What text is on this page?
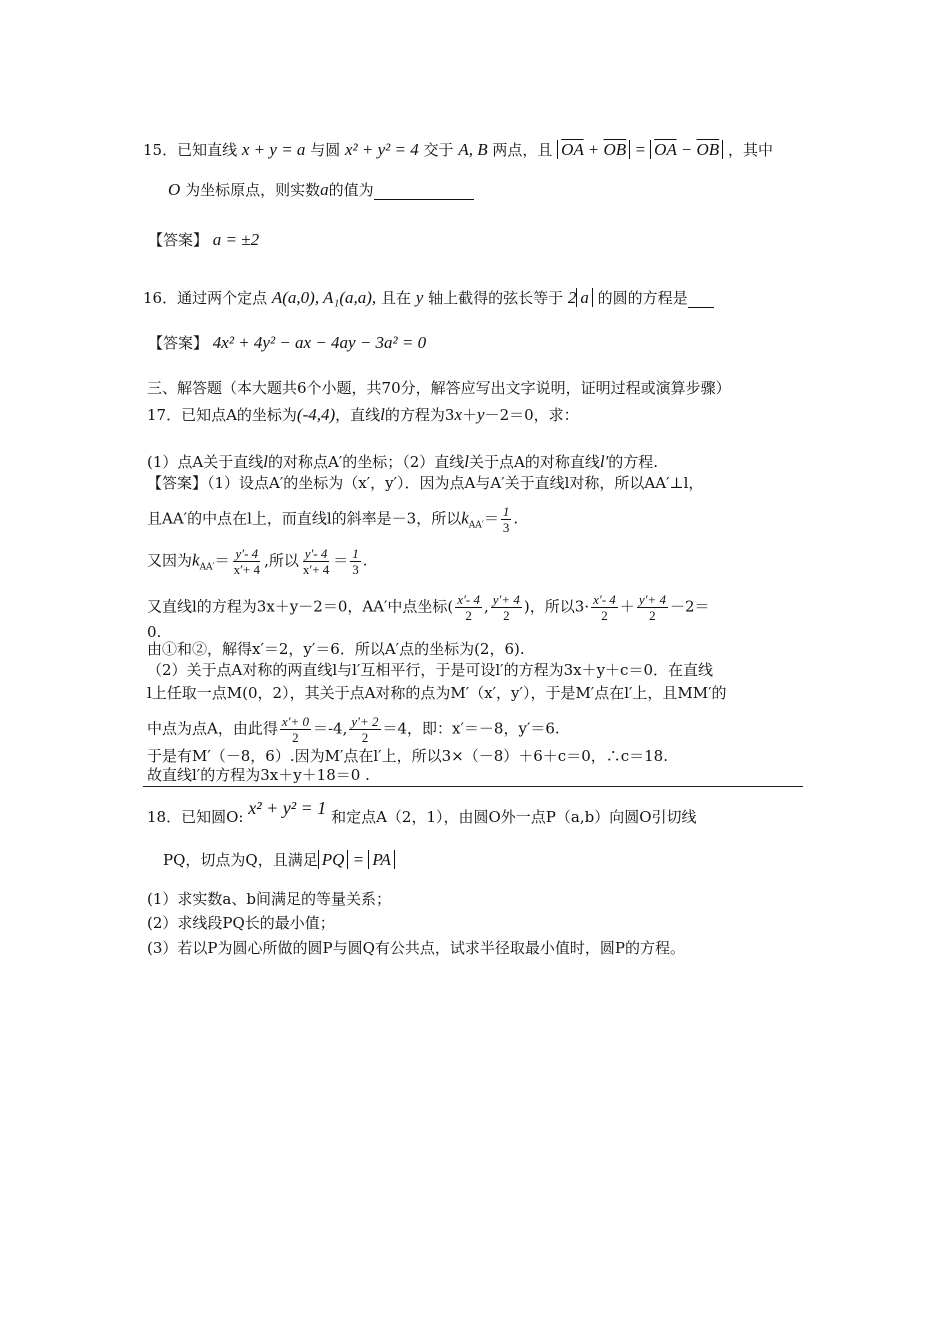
15．已知直线 x + y = a 与圆 x² + y² = 4 交于 A, B 两点，且 $\overline{OA} + \overline{OB} = \overline{OA} - \overline{OB}$ ，其中
O 为坐标原点，则实数a的值为
【答案】 a = ±2
16．通过两个定点 A(a,0), A₁(a,a), 且在 y 轴上截得的弦长等于 2 a 的圆的方程是
【答案】 4x² + 4y² − ax − 4ay − 3a² = 0
三、解答题（本大题共6个小题，共70分，解答应写出文字说明，证明过程或演算步骤）
17．已知点A的坐标为(-4,4)，直线l的方程为3x＋y－2＝0，求：
(1）点A关于直线l的对称点A′的坐标；（2）直线l关于点A的对称直线l′的方程.
【答案】（1）设点A′的坐标为（x′，y′）．因为点A与A′关于直线l对称，所以AA′⊥l，
且AA′的中点在l上，而直线l的斜率是－3，所以$k_{AA'}= \frac{1}{3}$ .
又因为$k_{AA'}= \frac{y'- 4}{x'+ 4}$ ,所以 $\frac{y'- 4}{x'+ 4} = \frac{1}{3}$ .
又直线l的方程为3x＋y－2＝0，AA′中点坐标( $\frac{x'- 4}{2}$ , $\frac{y'+ 4}{2}$ )，所以$3\cdot \frac{x'- 4}{2} + \frac{y'+ 4}{2} -2=$
0.
由①和②，解得x′＝2，y′＝6．所以A′点的坐标为(2，6).
（2）关于点A对称的两直线l与l′互相平行，于是可设l′的方程为3x＋y＋c＝0．在直线
l上任取一点M(0，2），其关于点A对称的点为M′（x′，y′），于是M′点在l′上，且MM′的
中点为点A，由此得 $\frac{x'+ 0}{2} =-4$, $\frac{y'+ 2}{2} =4$，即：x′＝－8，y′＝6.
于是有M′（－8，6）.因为M′点在l′上，所以3×（－8）＋6＋c＝0，∴c＝18.
故直线l′的方程为3x＋y＋18＝0 .
18．已知圆O: x² + y² = 1 和定点A（2，1），由圆O外一点P（a,b）向圆O引切线
PQ，切点为Q，且满足 PQ = PA
(1）求实数a、b间满足的等量关系；
(2）求线段PQ长的最小值；
(3）若以P为圆心所做的圆P与圆Q有公共点，试求半径取最小值时，圆P的方程。
